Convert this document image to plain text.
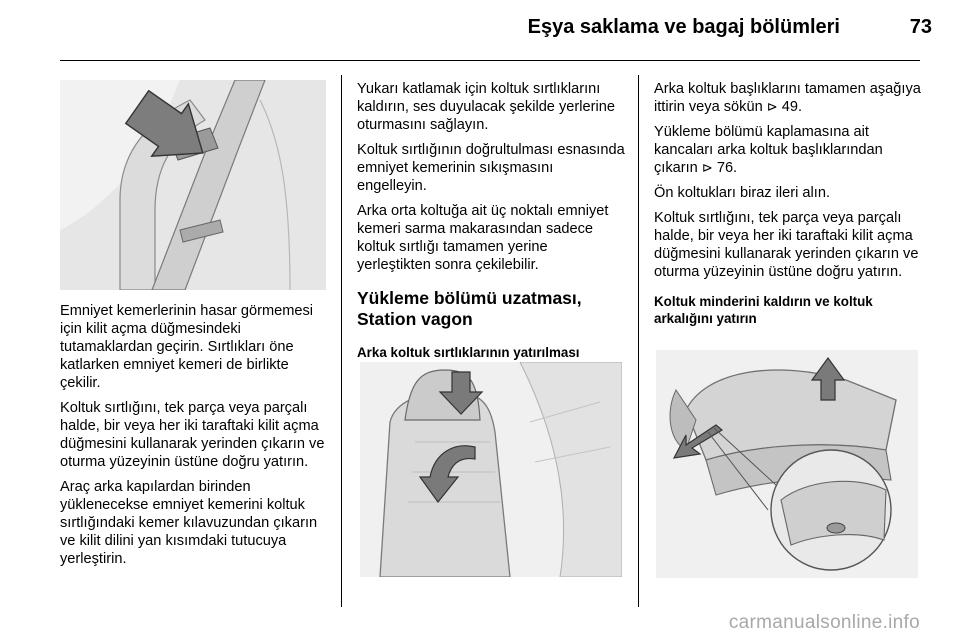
Eşya saklama ve bagaj bölümleri	73

Emniyet kemerlerinin hasar görmemesi için kilit açma düğmesindeki tutamaklardan geçirin. Sırtlıkları öne katlarken emniyet kemeri de birlikte çekilir.

Koltuk sırtlığını, tek parça veya parçalı halde, bir veya her iki taraftaki kilit açma düğmesini kullanarak yerinden çıkarın ve oturma yüzeyinin üstüne doğru yatırın.

Araç arka kapılardan birinden yüklenecekse emniyet kemerini koltuk sırtlığındaki kemer kılavuzundan çıkarın ve kilit dilini yan kısımdaki tutucuya yerleştirin.

Yukarı katlamak için koltuk sırtlıklarını kaldırın, ses duyulacak şekilde yerlerine oturmasını sağlayın.

Koltuk sırtlığının doğrultulması esnasında emniyet kemerinin sıkışmasını engelleyin.

Arka orta koltuğa ait üç noktalı emniyet kemeri sarma makarasından sadece koltuk sırtlığı tamamen yerine yerleştikten sonra çekilebilir.

Yükleme bölümü uzatması, Station vagon
Arka koltuk sırtlıklarının yatırılması

Arka koltuk başlıklarını tamamen aşağıya ittirin veya sökün ⊳ 49.

Yükleme bölümü kaplamasına ait kancaları arka koltuk başlıklarından çıkarın ⊳ 76.

Ön koltukları biraz ileri alın.

Koltuk sırtlığını, tek parça veya parçalı halde, bir veya her iki taraftaki kilit açma düğmesini kullanarak yerinden çıkarın ve oturma yüzeyinin üstüne doğru yatırın.

Koltuk minderini kaldırın ve koltuk arkalığını yatırın
carmanualsonline.info
